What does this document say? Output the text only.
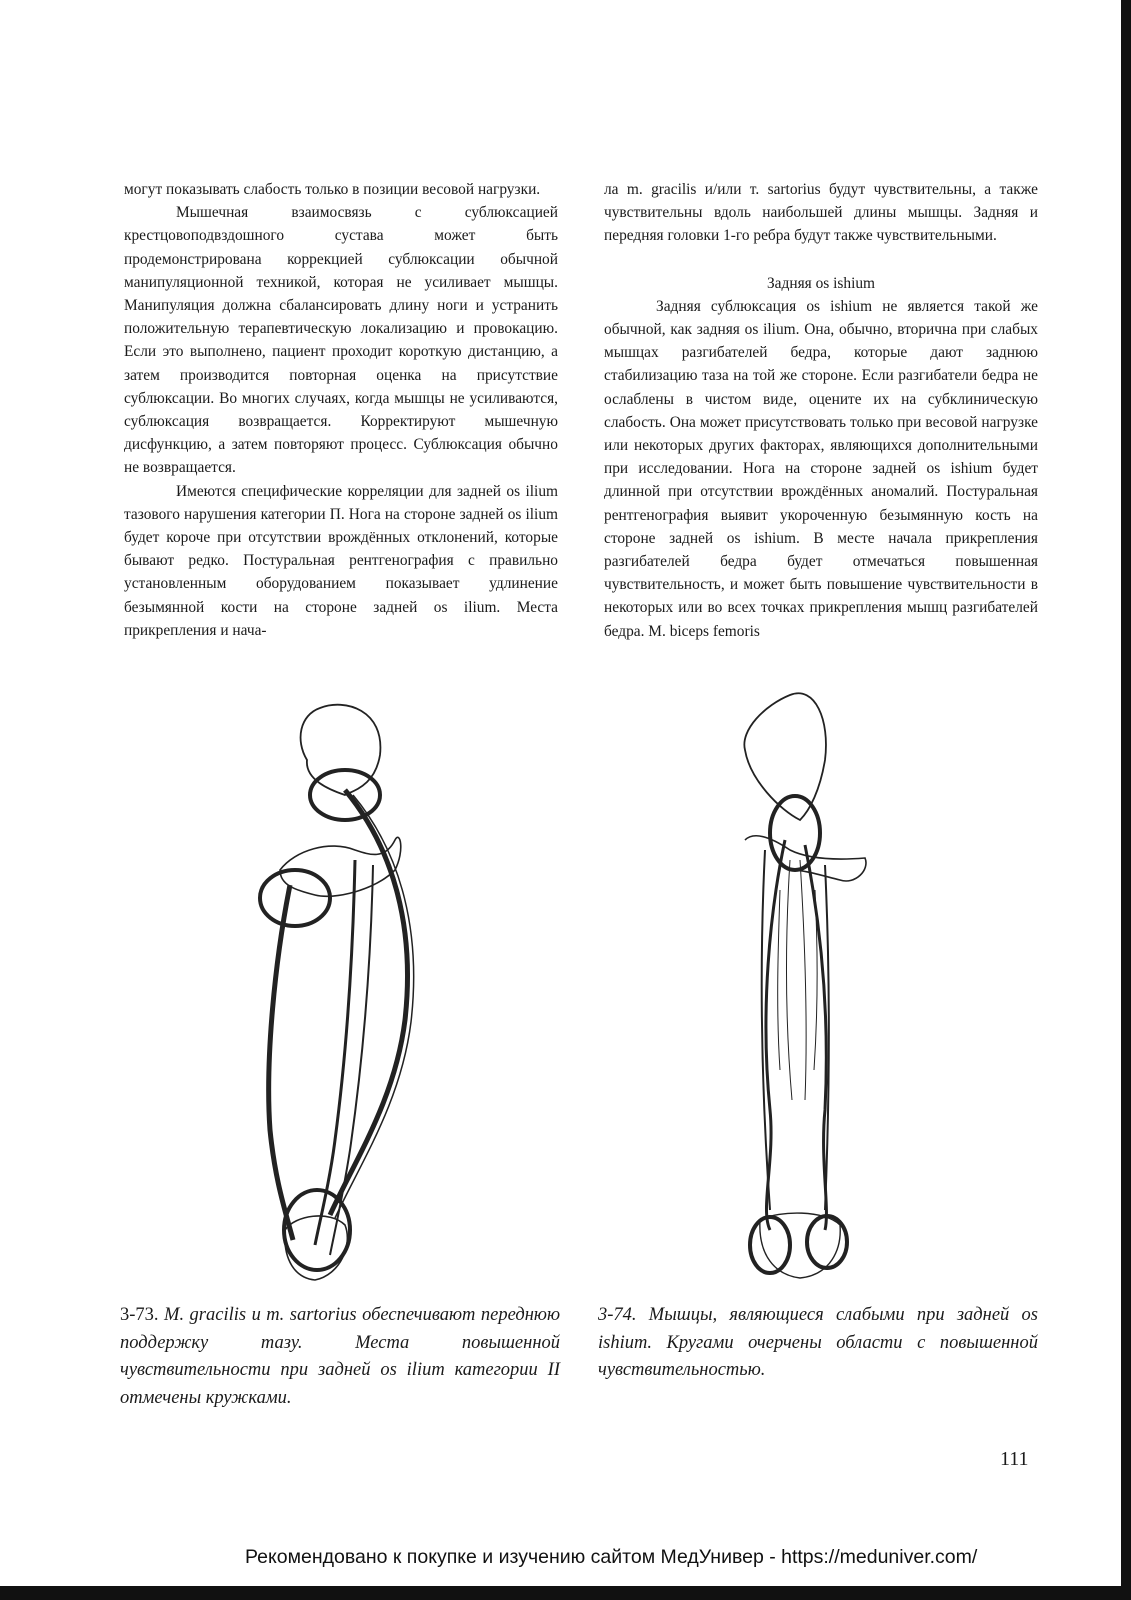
могут показывать слабость только в позиции весовой нагрузки.

Мышечная взаимосвязь с сублюксацией крестцовоподвздошного сустава может быть продемонстрирована коррекцией сублюксации обычной манипуляционной техникой, которая не усиливает мышцы. Манипуляция должна сбалансировать длину ноги и устранить положительную терапевтическую локализацию и провокацию. Если это выполнено, пациент проходит короткую дистанцию, а затем производится повторная оценка на присутствие сублюксации. Во многих случаях, когда мышцы не усиливаются, сублюксация возвращается. Корректируют мышечную дисфункцию, а затем повторяют процесс. Сублюксация обычно не возвращается.

Имеются специфические корреляции для задней os ilium тазового нарушения категории П. Нога на стороне задней os ilium будет короче при отсутствии врождённых отклонений, которые бывают редко. Постуральная рентгенография с правильно установленным оборудованием показывает удлинение безымянной кости на стороне задней os ilium. Места прикрепления и нача-

ла m. gracilis и/или т. sartorius будут чувствительны, а также чувствительны вдоль наибольшей длины мышцы. Задняя и передняя головки 1-го ребра будут также чувствительными.

Задняя os ishium

Задняя сублюксация os ishium не является такой же обычной, как задняя os ilium. Она, обычно, вторична при слабых мышцах разгибателей бедра, которые дают заднюю стабилизацию таза на той же стороне. Если разгибатели бедра не ослаблены в чистом виде, оцените их на субклиническую слабость. Она может присутствовать только при весовой нагрузке или некоторых других факторах, являющихся дополнительными при исследовании. Нога на стороне задней os ishium будет длинной при отсутствии врождённых аномалий. Постуральная рентгенография выявит укороченную безымянную кость на стороне задней os ishium. В месте начала прикрепления разгибателей бедра будет отмечаться повышенная чувствительность, и может быть повышение чувствительности в некоторых или во всех точках прикрепления мышц разгибателей бедра. M. biceps femoris

3-73. M. gracilis и m. sartorius обеспечивают переднюю поддержку тазу. Места повышенной чувствительности при задней os ilium категории II отмечены кружками.
3-74. Мышцы, являющиеся слабыми при задней os ishium. Кругами очерчены области с повышенной чувствительностью.
111
Рекомендовано к покупке и изучению сайтом МедУнивер - https://meduniver.com/
